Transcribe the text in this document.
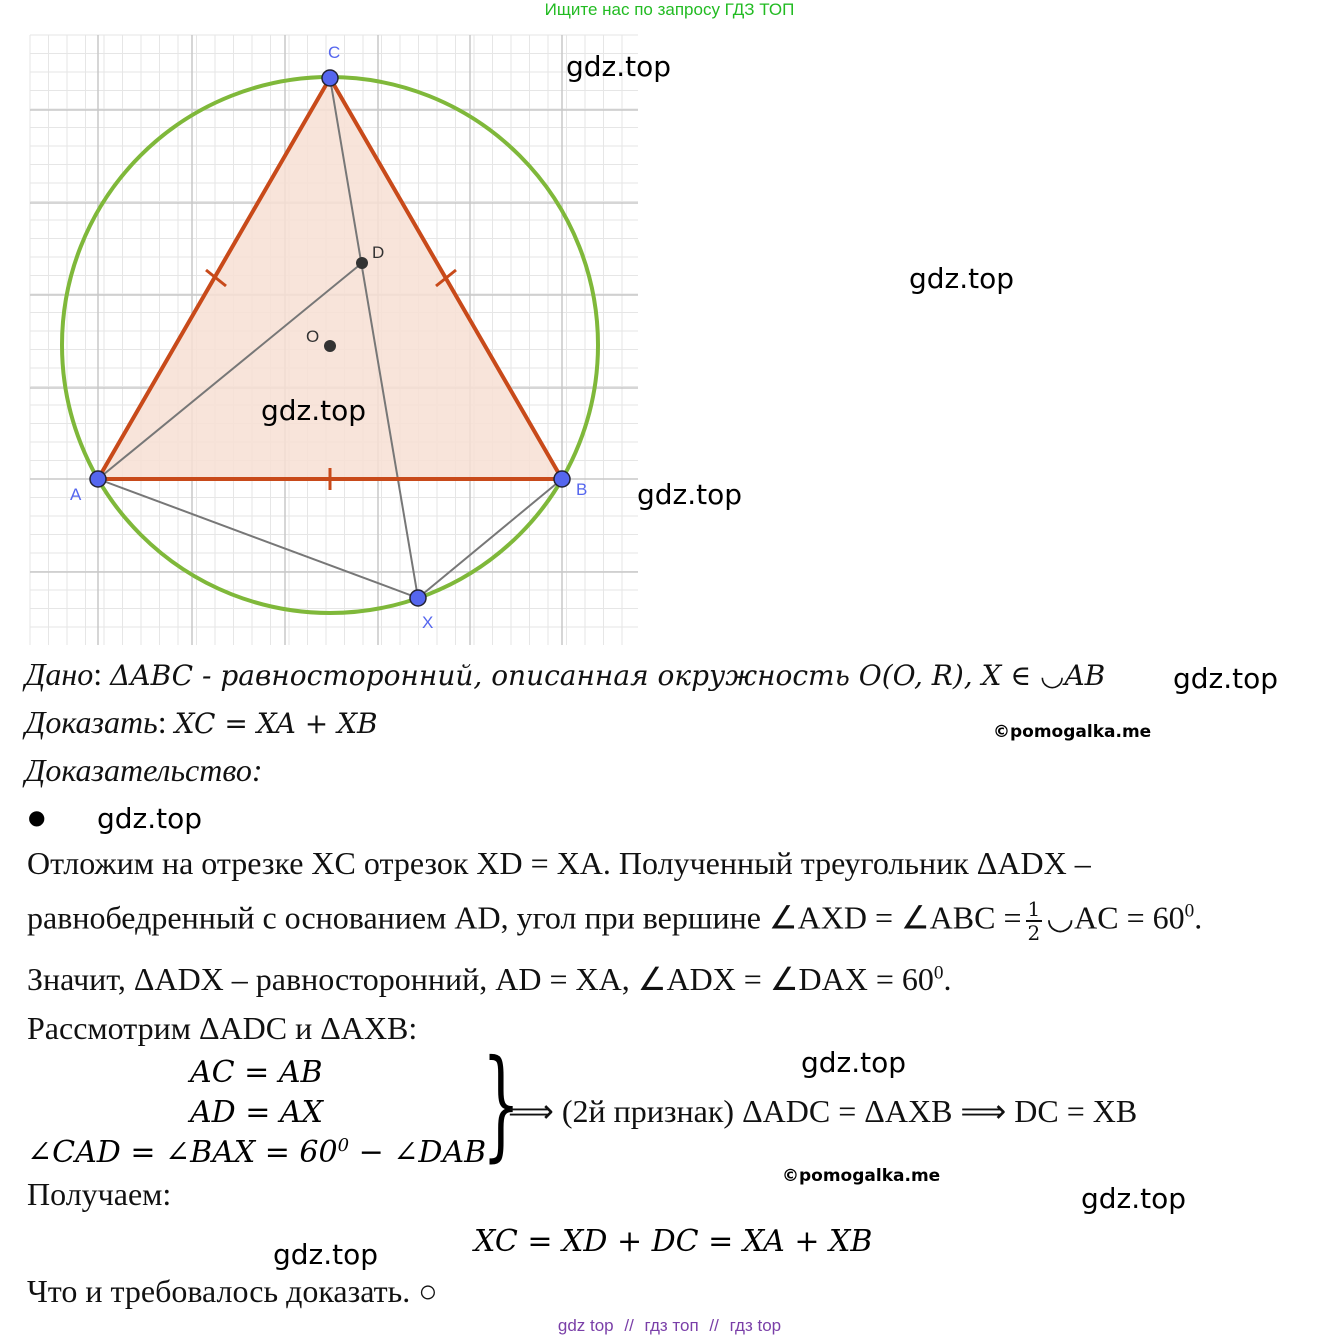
Ищите нас по запросу ГДЗ ТОП
A	B
C
D
O
X
gdz.top
gdz.top
gdz.top
gdz.top
gdz.top
©pomogalka.me
Дано: ΔABC - равносторонний, описанная окружность O(O, R), X ∈ ◡AB
Доказать: XC = XA + XB
Доказательство:
● gdz.top
Отложим на отрезке XC отрезок XD = XA. Полученный треугольник ΔADX –
равнобедренный с основанием AD, угол при вершине ∠AXD = ∠ABC = $\frac{1}{2}$ ◡AC = $60^0$.
Значит, ΔADX – равносторонний, AD = XA, ∠ADX = ∠DAX = $60^0$.
Рассмотрим ΔADC и ΔAXB:
gdz.top
AC = AB
AD = AX
∠CAD = ∠BAX = $60^0$ − ∠DAB
}
⟹ (2й признак) ΔADC = ΔAXB ⟹ DC = XB
©pomogalka.me
Получаем:	gdz.top
XC = XD + DC = XA + XB
gdz.top
Что и требовалось доказать. ○
gdz top // гдз топ // гдз top
